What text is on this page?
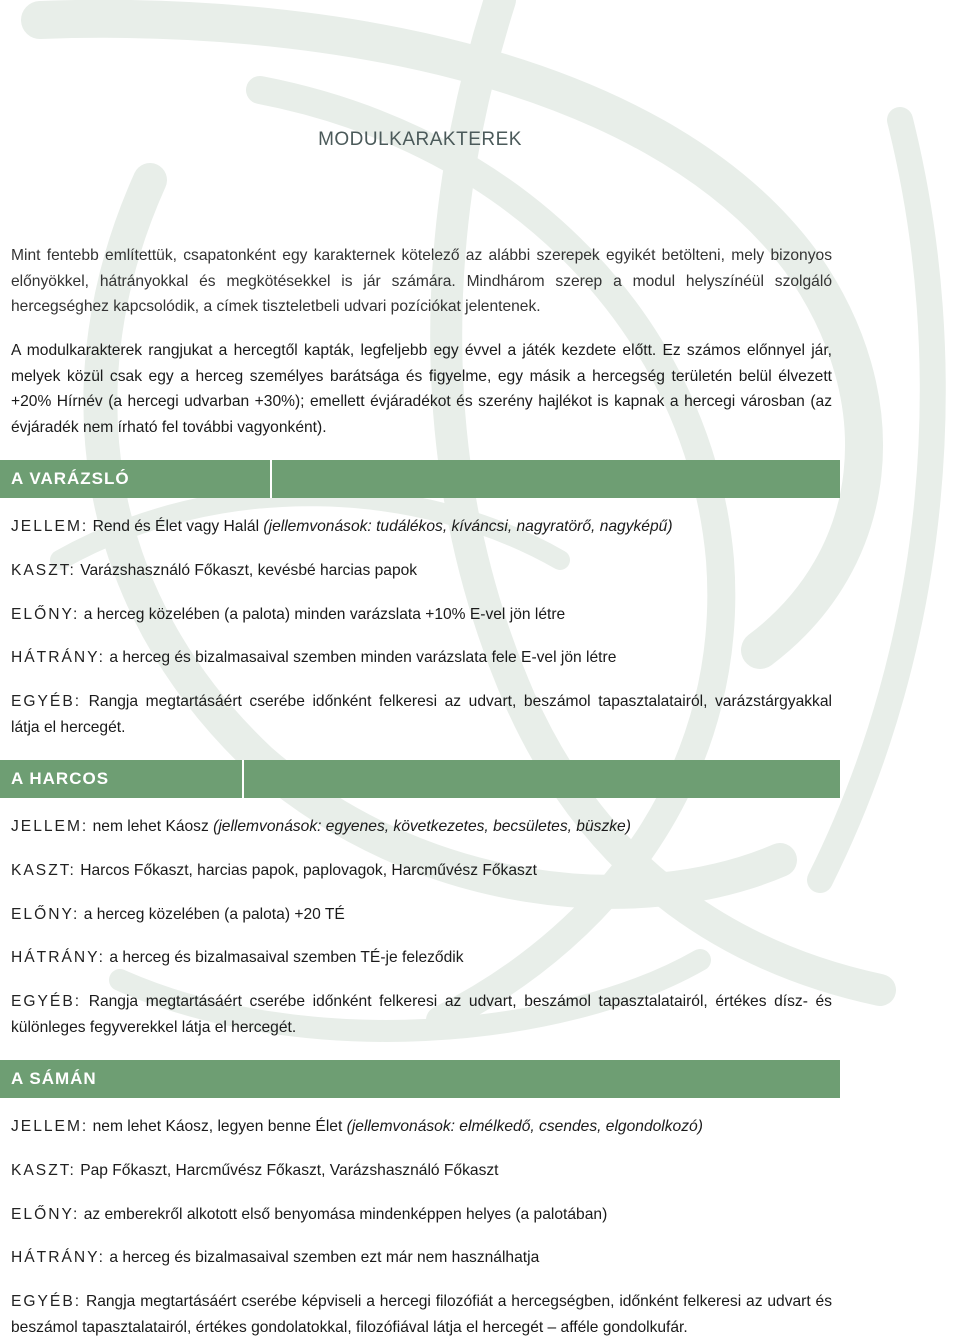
MODULKARAKTEREK

Mint fentebb említettük, csapatonként egy karakternek kötelező az alábbi szerepek egyikét betölteni, mely bizonyos előnyökkel, hátrányokkal és megkötésekkel is jár számára. Mindhárom szerep a modul helyszínéül szolgáló hercegséghez kapcsolódik, a címek tiszteletbeli udvari pozíciókat jelentenek.

A modulkarakterek rangjukat a hercegtől kapták, legfeljebb egy évvel a játék kezdete előtt. Ez számos előnnyel jár, melyek közül csak egy a herceg személyes barátsága és figyelme, egy másik a hercegség területén belül élvezett +20% Hírnév (a hercegi udvarban +30%); emellett évjáradékot és szerény hajlékot is kapnak a hercegi városban (az évjáradék nem írható fel további vagyonként).

A VARÁZSLÓ

JELLEM: Rend és Élet vagy Halál (jellemvonások: tudálékos, kíváncsi, nagyratörő, nagyképű)

KASZT: Varázshasználó Főkaszt, kevésbé harcias papok

ELŐNY: a herceg közelében (a palota) minden varázslata +10% E-vel jön létre

HÁTRÁNY: a herceg és bizalmasaival szemben minden varázslata fele E-vel jön létre

EGYÉB: Rangja megtartásáért cserébe időnként felkeresi az udvart, beszámol tapasztalatairól, varázstárgyakkal látja el hercegét.

A HARCOS

JELLEM: nem lehet Káosz (jellemvonások: egyenes, következetes, becsületes, büszke)

KASZT: Harcos Főkaszt, harcias papok, paplovagok, Harcművész Főkaszt

ELŐNY: a herceg közelében (a palota) +20 TÉ

HÁTRÁNY: a herceg és bizalmasaival szemben TÉ-je feleződik

EGYÉB: Rangja megtartásáért cserébe időnként felkeresi az udvart, beszámol tapasztalatairól, értékes dísz- és különleges fegyverekkel látja el hercegét.

A SÁMÁN

JELLEM: nem lehet Káosz, legyen benne Élet (jellemvonások: elmélkedő, csendes, elgondolkozó)

KASZT: Pap Főkaszt, Harcművész Főkaszt, Varázshasználó Főkaszt

ELŐNY: az emberekről alkotott első benyomása mindenképpen helyes (a palotában)

HÁTRÁNY: a herceg és bizalmasaival szemben ezt már nem használhatja

EGYÉB: Rangja megtartásáért cserébe képviseli a hercegi filozófiát a hercegségben, időnként felkeresi az udvart és beszámol tapasztalatairól, értékes gondolatokkal, filozófiával látja el hercegét – afféle gondolkufár.
